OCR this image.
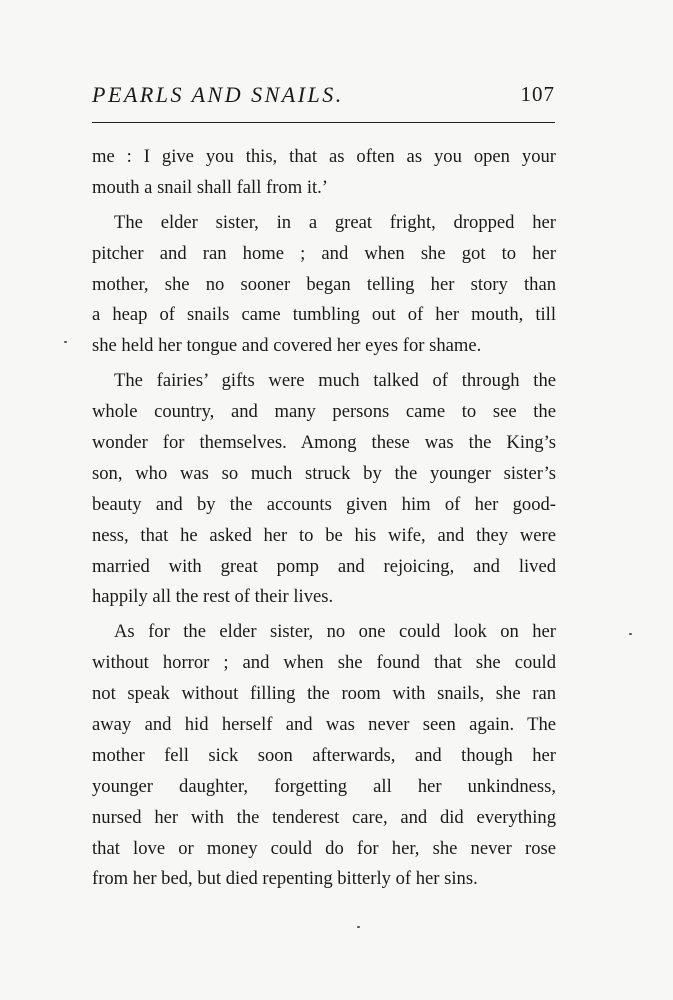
PEARLS AND SNAILS.	107
me : I give you this, that as often as you open your
mouth a snail shall fall from it.’
The elder sister, in a great fright, dropped her
pitcher and ran home ; and when she got to her
mother, she no sooner began telling her story than
a heap of snails came tumbling out of her mouth, till
she held her tongue and covered her eyes for shame.
The fairies’ gifts were much talked of through the
whole country, and many persons came to see the
wonder for themselves. Among these was the King’s
son, who was so much struck by the younger sister’s
beauty and by the accounts given him of her good-
ness, that he asked her to be his wife, and they were
married with great pomp and rejoicing, and lived
happily all the rest of their lives.
As for the elder sister, no one could look on her
without horror ; and when she found that she could
not speak without filling the room with snails, she ran
away and hid herself and was never seen again. The
mother fell sick soon afterwards, and though her
younger daughter, forgetting all her unkindness,
nursed her with the tenderest care, and did everything
that love or money could do for her, she never rose
from her bed, but died repenting bitterly of her sins.
